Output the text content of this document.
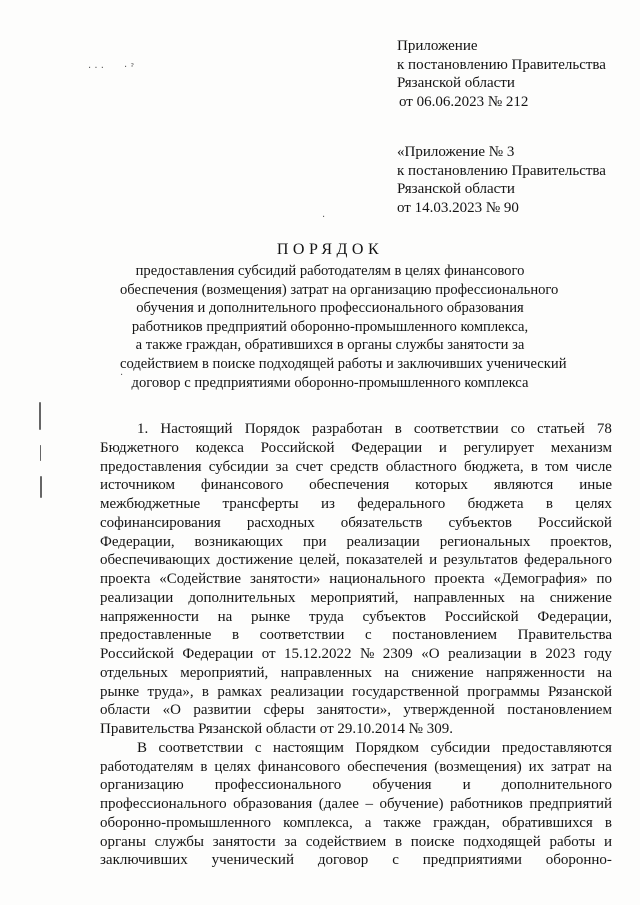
· · · · ˀ
·
·
Приложение
к постановлению Правительства
Рязанской области
от 06.06.2023 № 212
«Приложение № 3
к постановлению Правительства
Рязанской области
от 14.03.2023 № 90
ПОРЯДОК
предоставления субсидий работодателям в целях финансового
обеспечения (возмещения) затрат на организацию профессионального
обучения и дополнительного профессионального образования
работников предприятий оборонно-промышленного комплекса,
а также граждан, обратившихся в органы службы занятости за
содействием в поиске подходящей работы и заключивших ученический
договор с предприятиями оборонно-промышленного комплекса
1. Настоящий Порядок разработан в соответствии со статьей 78
Бюджетного кодекса Российской Федерации и регулирует механизм
предоставления субсидии за счет средств областного бюджета, в том числе
источником финансового обеспечения которых являются иные
межбюджетные трансферты из федерального бюджета в целях
софинансирования расходных обязательств субъектов Российской
Федерации, возникающих при реализации региональных проектов,
обеспечивающих достижение целей, показателей и результатов федерального
проекта «Содействие занятости» национального проекта «Демография» по
реализации дополнительных мероприятий, направленных на снижение
напряженности на рынке труда субъектов Российской Федерации,
предоставленные в соответствии с постановлением Правительства
Российской Федерации от 15.12.2022 № 2309 «О реализации в 2023 году
отдельных мероприятий, направленных на снижение напряженности на
рынке труда», в рамках реализации государственной программы Рязанской
области «О развитии сферы занятости», утвержденной постановлением
Правительства Рязанской области от 29.10.2014 № 309.
В соответствии с настоящим Порядком субсидии предоставляются
работодателям в целях финансового обеспечения (возмещения) их затрат на
организацию профессионального обучения и дополнительного
профессионального образования (далее – обучение) работников предприятий
оборонно-промышленного комплекса, а также граждан, обратившихся в
органы службы занятости за содействием в поиске подходящей работы и
заключивших ученический договор с предприятиями оборонно-
